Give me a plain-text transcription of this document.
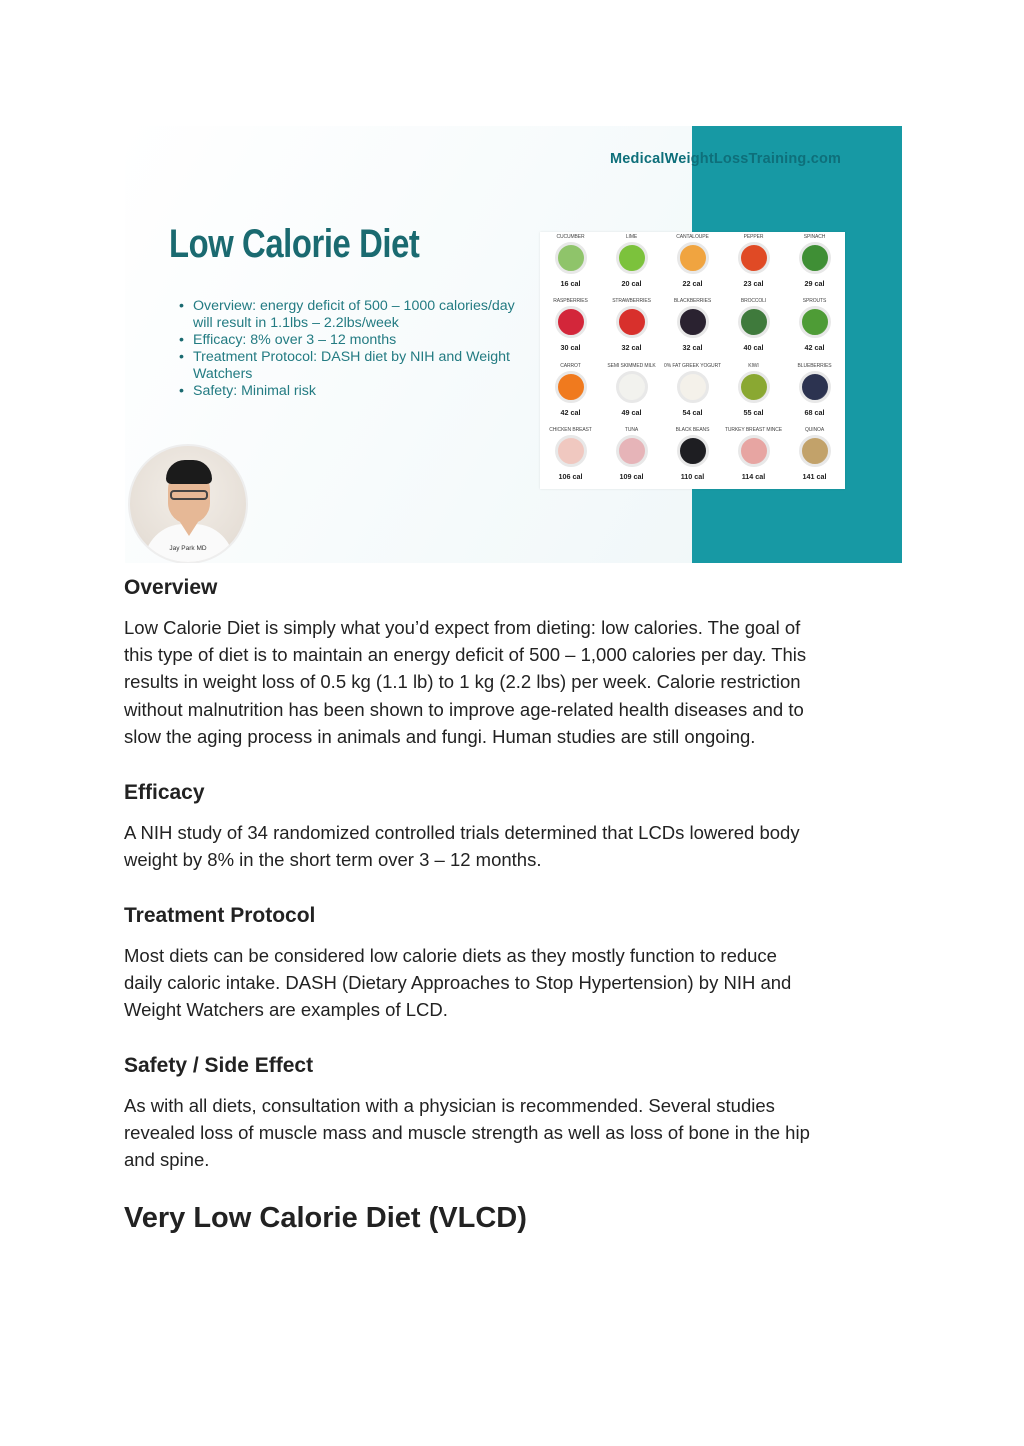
MedicalWeightLossTraining.com
Low Calorie Diet
• Overview: energy deficit of 500 – 1000 calories/day will result in 1.1lbs – 2.2lbs/week
• Efficacy: 8% over 3 – 12 months
• Treatment Protocol: DASH diet by NIH and Weight Watchers
• Safety: Minimal risk
Jay Park MD
CUCUMBER
16 cal
LIME
20 cal
CANTALOUPE
22 cal
PEPPER
23 cal
SPINACH
29 cal
RASPBERRIES
30 cal
STRAWBERRIES
32 cal
BLACKBERRIES
32 cal
BROCCOLI
40 cal
SPROUTS
42 cal
CARROT
42 cal
SEMI SKIMMED MILK
49 cal
0% FAT GREEK YOGURT
54 cal
KIWI
55 cal
BLUEBERRIES
68 cal
CHICKEN BREAST
106 cal
TUNA
109 cal
BLACK BEANS
110 cal
TURKEY BREAST MINCE
114 cal
QUINOA
141 cal
Overview

Low Calorie Diet is simply what you’d expect from dieting: low calories. The goal of
this type of diet is to maintain an energy deficit of 500 – 1,000 calories per day. This
results in weight loss of 0.5 kg (1.1 lb) to 1 kg (2.2 lbs) per week. Calorie restriction
without malnutrition has been shown to improve age-related health diseases and to
slow the aging process in animals and fungi. Human studies are still ongoing.

Efficacy

A NIH study of 34 randomized controlled trials determined that LCDs lowered body
weight by 8% in the short term over 3 – 12 months.

Treatment Protocol

Most diets can be considered low calorie diets as they mostly function to reduce
daily caloric intake. DASH (Dietary Approaches to Stop Hypertension) by NIH and
Weight Watchers are examples of LCD.

Safety / Side Effect

As with all diets, consultation with a physician is recommended. Several studies
revealed loss of muscle mass and muscle strength as well as loss of bone in the hip
and spine.

Very Low Calorie Diet (VLCD)
